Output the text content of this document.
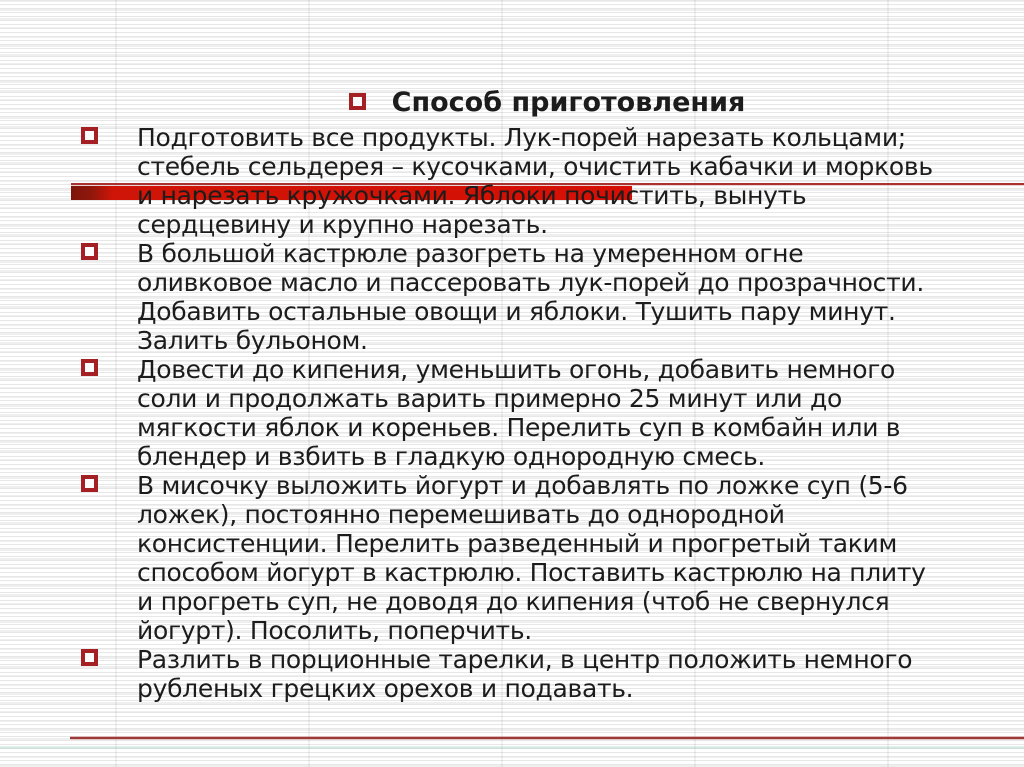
Способ приготовления
Подготовить все продукты. Лук-порей нарезать кольцами;
стебель сельдерея – кусочками, очистить кабачки и морковь
и нарезать кружочками. Яблоки почистить, вынуть
сердцевину и крупно нарезать.
В большой кастрюле разогреть на умеренном огне
оливковое масло и пассеровать лук-порей до прозрачности.
Добавить остальные овощи и яблоки. Тушить пару минут.
Залить бульоном.
Довести до кипения, уменьшить огонь, добавить немного
соли и продолжать варить примерно 25 минут или до
мягкости яблок и кореньев. Перелить суп в комбайн или в
блендер и взбить в гладкую однородную смесь.
В мисочку выложить йогурт и добавлять по ложке суп (5-6
ложек), постоянно перемешивать до однородной
консистенции. Перелить разведенный и прогретый таким
способом йогурт в кастрюлю. Поставить кастрюлю на плиту
и прогреть суп, не доводя до кипения (чтоб не свернулся
йогурт). Посолить, поперчить.
Разлить в порционные тарелки, в центр положить немного
рубленых грецких орехов и подавать.
